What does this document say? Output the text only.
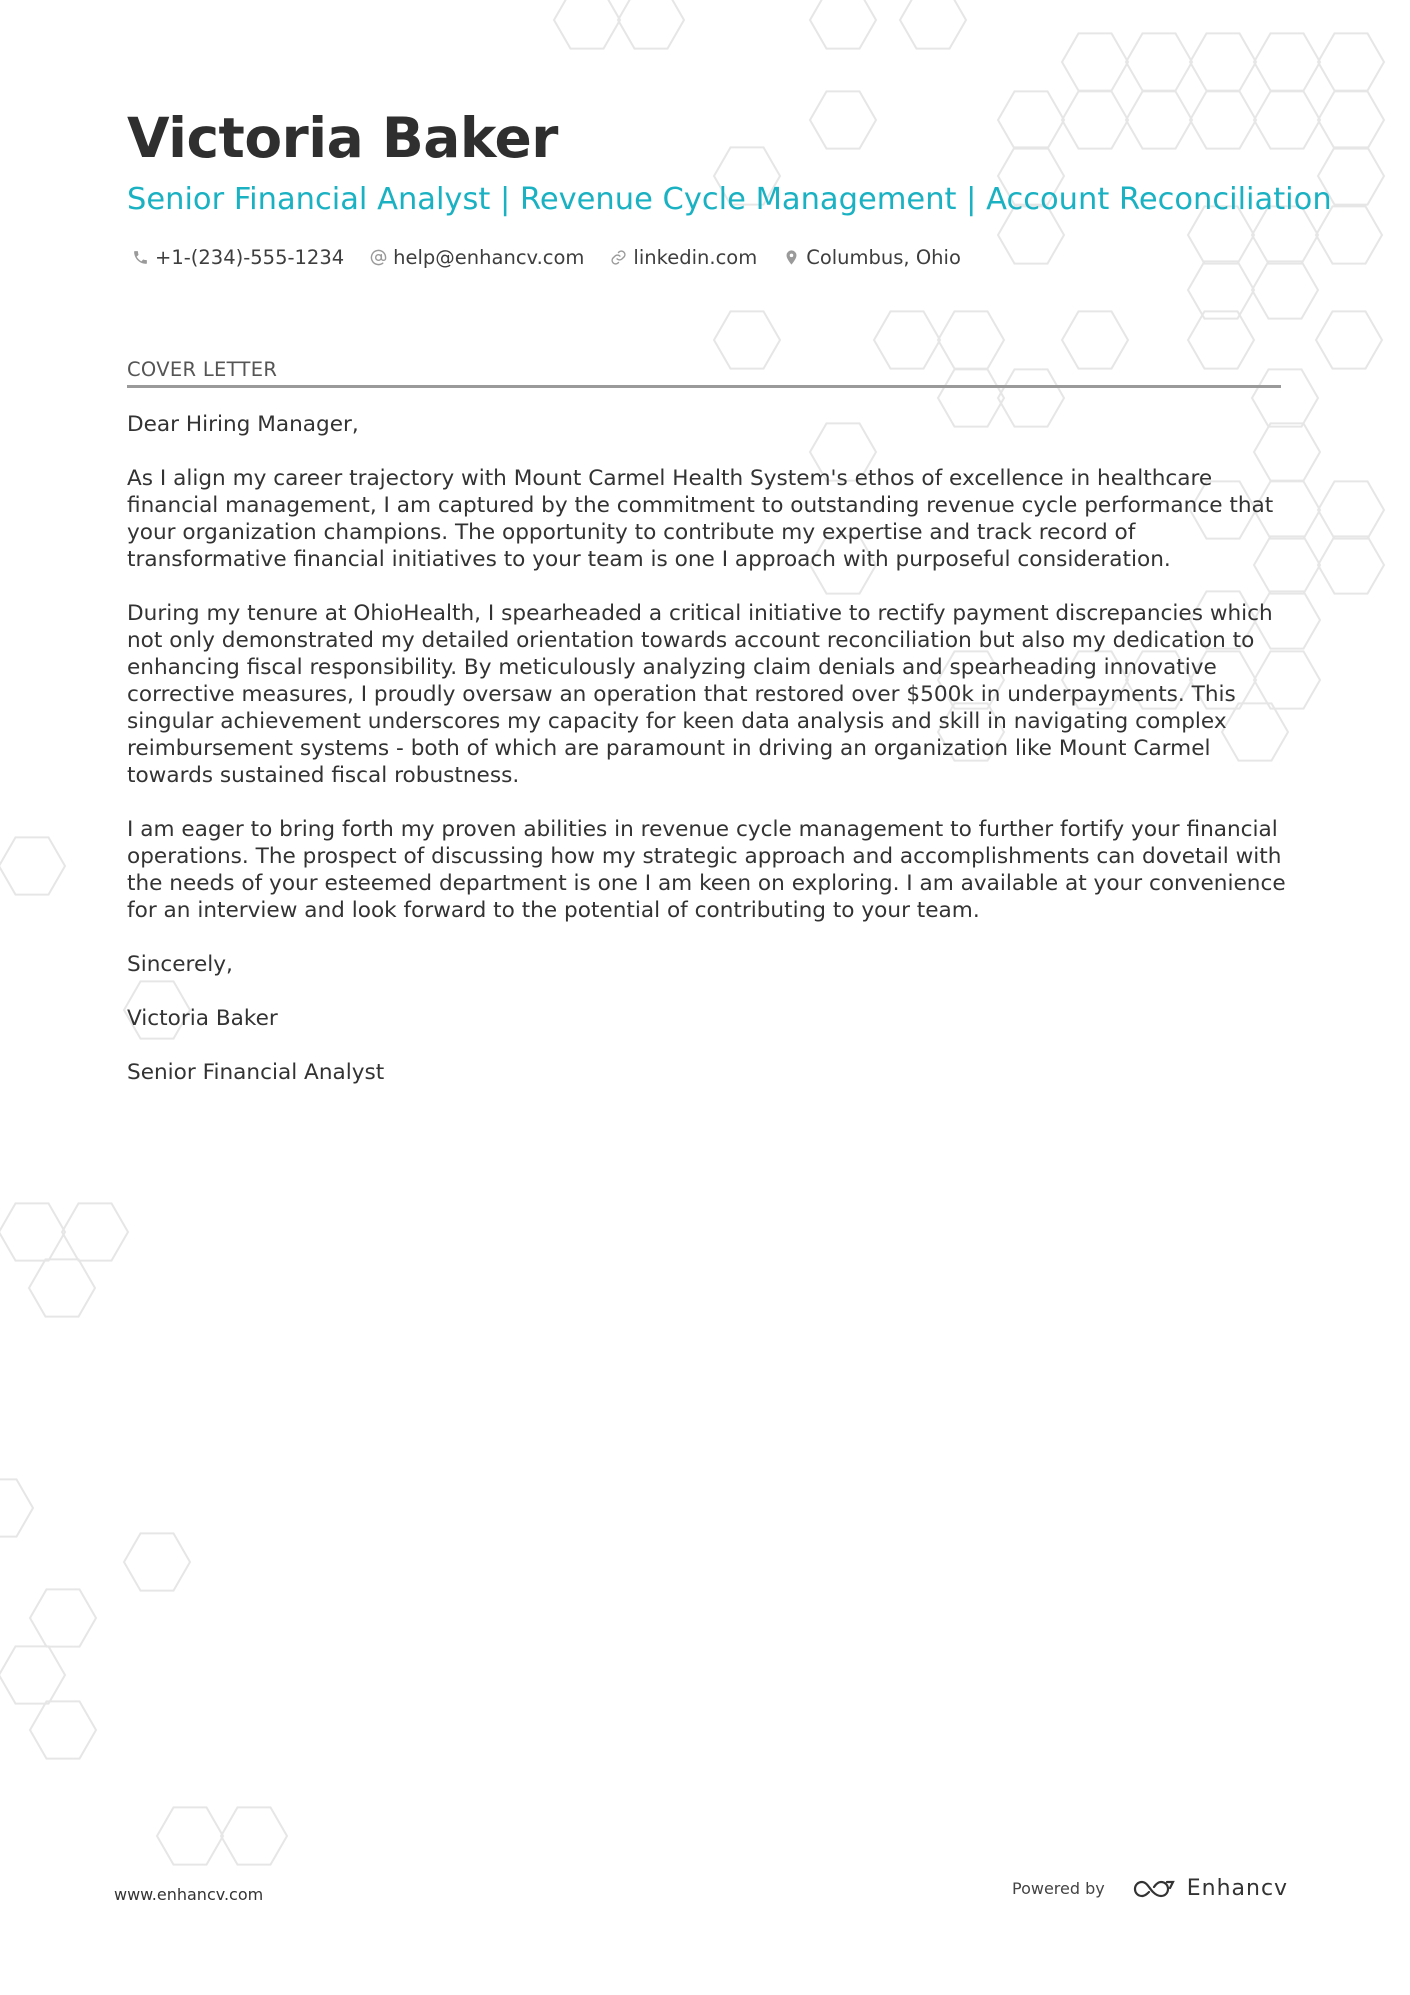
Victoria Baker
Senior Financial Analyst | Revenue Cycle Management | Account Reconciliation
+1-(234)-555-1234	help@enhancv.com	linkedin.com	Columbus, Ohio
COVER LETTER

Dear Hiring Manager,

As I align my career trajectory with Mount Carmel Health System's ethos of excellence in healthcare financial management, I am captured by the commitment to outstanding revenue cycle performance that your organization champions. The opportunity to contribute my expertise and track record of transformative financial initiatives to your team is one I approach with purposeful consideration.

During my tenure at OhioHealth, I spearheaded a critical initiative to rectify payment discrepancies which not only demonstrated my detailed orientation towards account reconciliation but also my dedication to enhancing fiscal responsibility. By meticulously analyzing claim denials and spearheading innovative corrective measures, I proudly oversaw an operation that restored over $500k in underpayments. This singular achievement underscores my capacity for keen data analysis and skill in navigating complex reimbursement systems - both of which are paramount in driving an organization like Mount Carmel towards sustained fiscal robustness.

I am eager to bring forth my proven abilities in revenue cycle management to further fortify your financial operations. The prospect of discussing how my strategic approach and accomplishments can dovetail with the needs of your esteemed department is one I am keen on exploring. I am available at your convenience for an interview and look forward to the potential of contributing to your team.

Sincerely,

Victoria Baker

Senior Financial Analyst

www.enhancv.com	Powered by	Enhancv
